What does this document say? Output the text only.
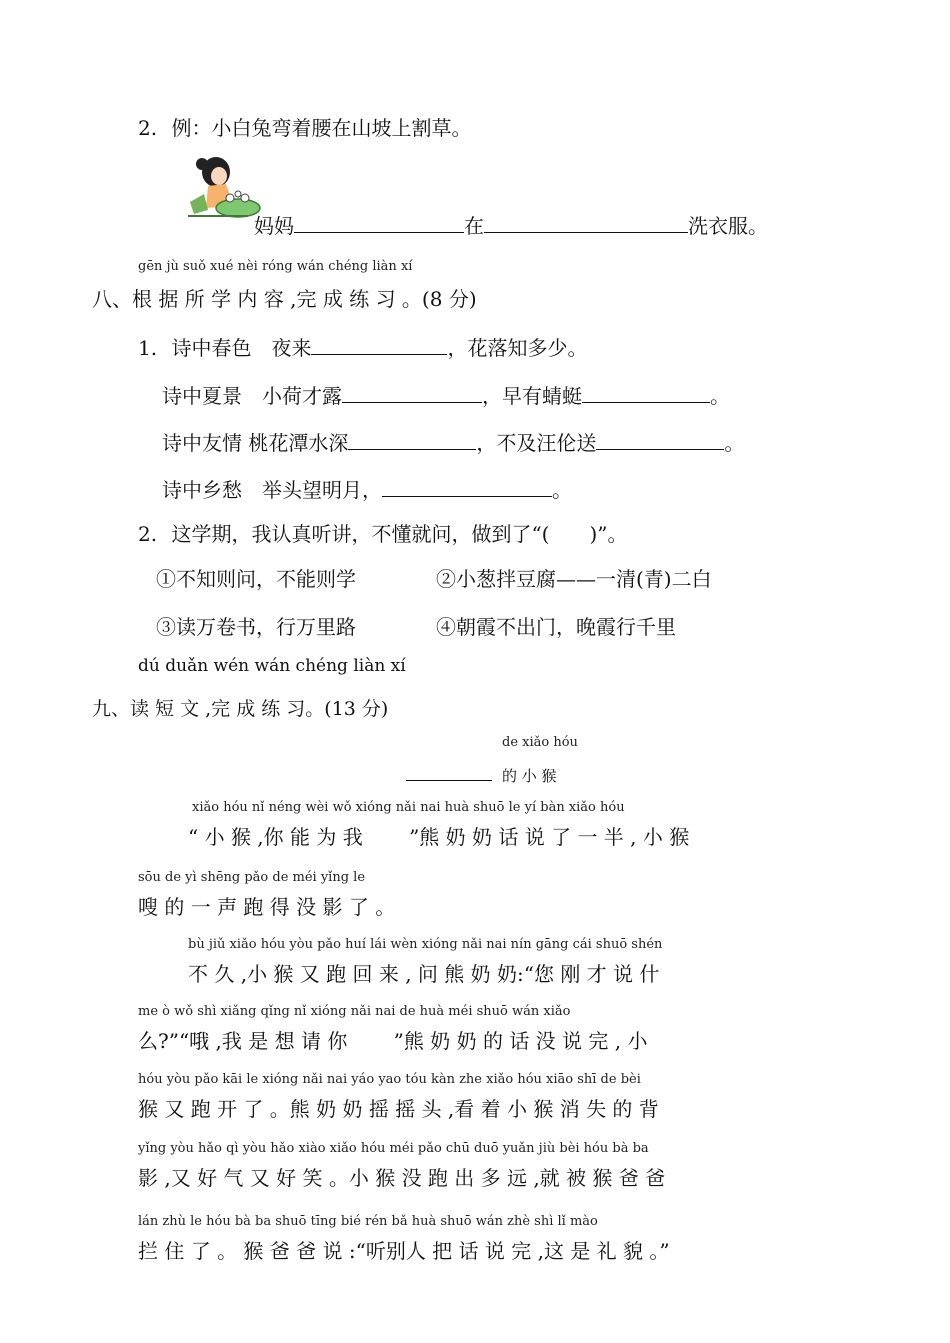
2. 例：小白兔弯着腰在山坡上割草。
妈妈	在	洗衣服。
gēn jù suǒ xué nèi róng wán chéng liàn xí
八、根 据 所 学 内 容 ,完 成 练 习 。(8 分)
1. 诗中春色　夜来	，花落知多少。
诗中夏景　小荷才露	，早有蜻蜓	。
诗中友情 桃花潭水深	，不及汪伦送	。
诗中乡愁　举头望明月，	。
2. 这学期，我认真听讲，不懂就问，做到了“(　　)”。
①不知则问，不能则学	②小葱拌豆腐——一清(青)二白
③读万卷书，行万里路	④朝霞不出门，晚霞行千里
dú duǎn wén wán chéng liàn xí
九、读 短 文 ,完 成 练 习。(13 分)
de xiǎo hóu
的 小 猴
xiǎo hóu nǐ néng wèi wǒ xióng nǎi nai huà shuō le yí bàn xiǎo hóu
“ 小 猴 ,你 能 为 我 　　”熊 奶 奶 话 说 了 一 半 , 小 猴
sōu de yì shēng pǎo de méi yǐng le
嗖 的 一 声 跑 得 没 影 了 。
bù jiǔ xiǎo hóu yòu pǎo huí lái wèn xióng nǎi nai nín gāng cái shuō shén
不 久 ,小 猴 又 跑 回 来 , 问 熊 奶 奶:“您 刚 才 说 什
me ò wǒ shì xiǎng qǐng nǐ xióng nǎi nai de huà méi shuō wán xiǎo
么?”“哦 ,我 是 想 请 你 　　”熊 奶 奶 的 话 没 说 完 , 小
hóu yòu pǎo kāi le xióng nǎi nai yáo yao tóu kàn zhe xiǎo hóu xiāo shī de bèi
猴 又 跑 开 了 。熊 奶 奶 摇 摇 头 ,看 着 小 猴 消 失 的 背
yǐng yòu hǎo qì yòu hǎo xiào xiǎo hóu méi pǎo chū duō yuǎn jiù bèi hóu bà ba
影 ,又 好 气 又 好 笑 。小 猴 没 跑 出 多 远 ,就 被 猴 爸 爸
lán zhù le hóu bà ba shuō tīng bié rén bǎ huà shuō wán zhè shì lǐ mào
拦 住 了 。 猴 爸 爸 说 :“听别人 把 话 说 完 ,这 是 礼 貌 。”
